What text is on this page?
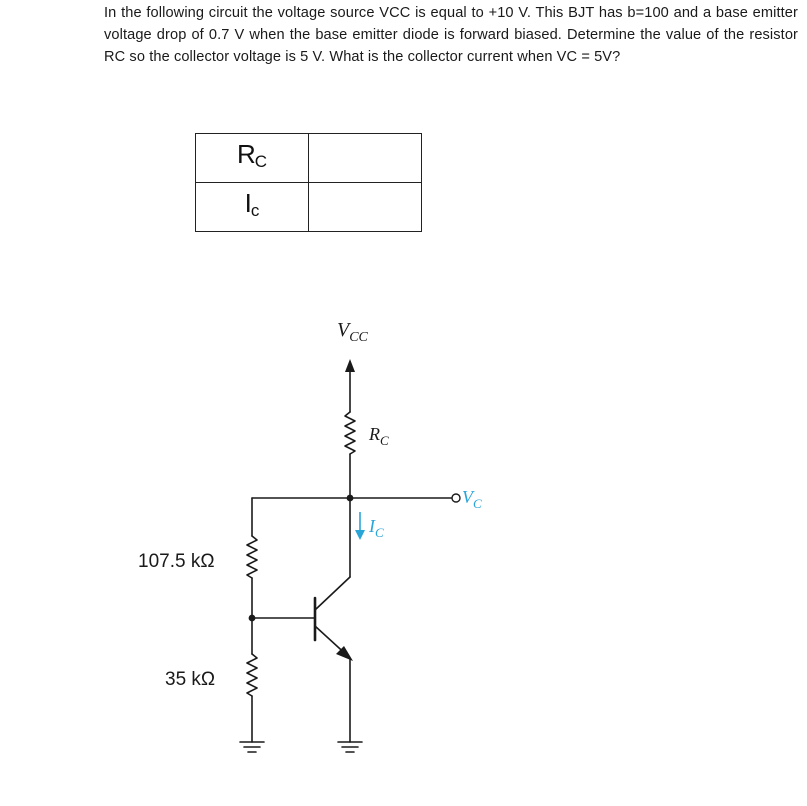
In the following circuit the voltage source VCC is equal to +10 V. This BJT has b=100 and a base emitter voltage drop of 0.7 V when the base emitter diode is forward biased. Determine the value of the resistor RC so the collector voltage is 5 V. What is the collector current when VC = 5V?
$R_C$	
$I_c$	
$V_{CC}$
$R_C$
$V_C$
$I_C$
107.5 kΩ
35 kΩ
